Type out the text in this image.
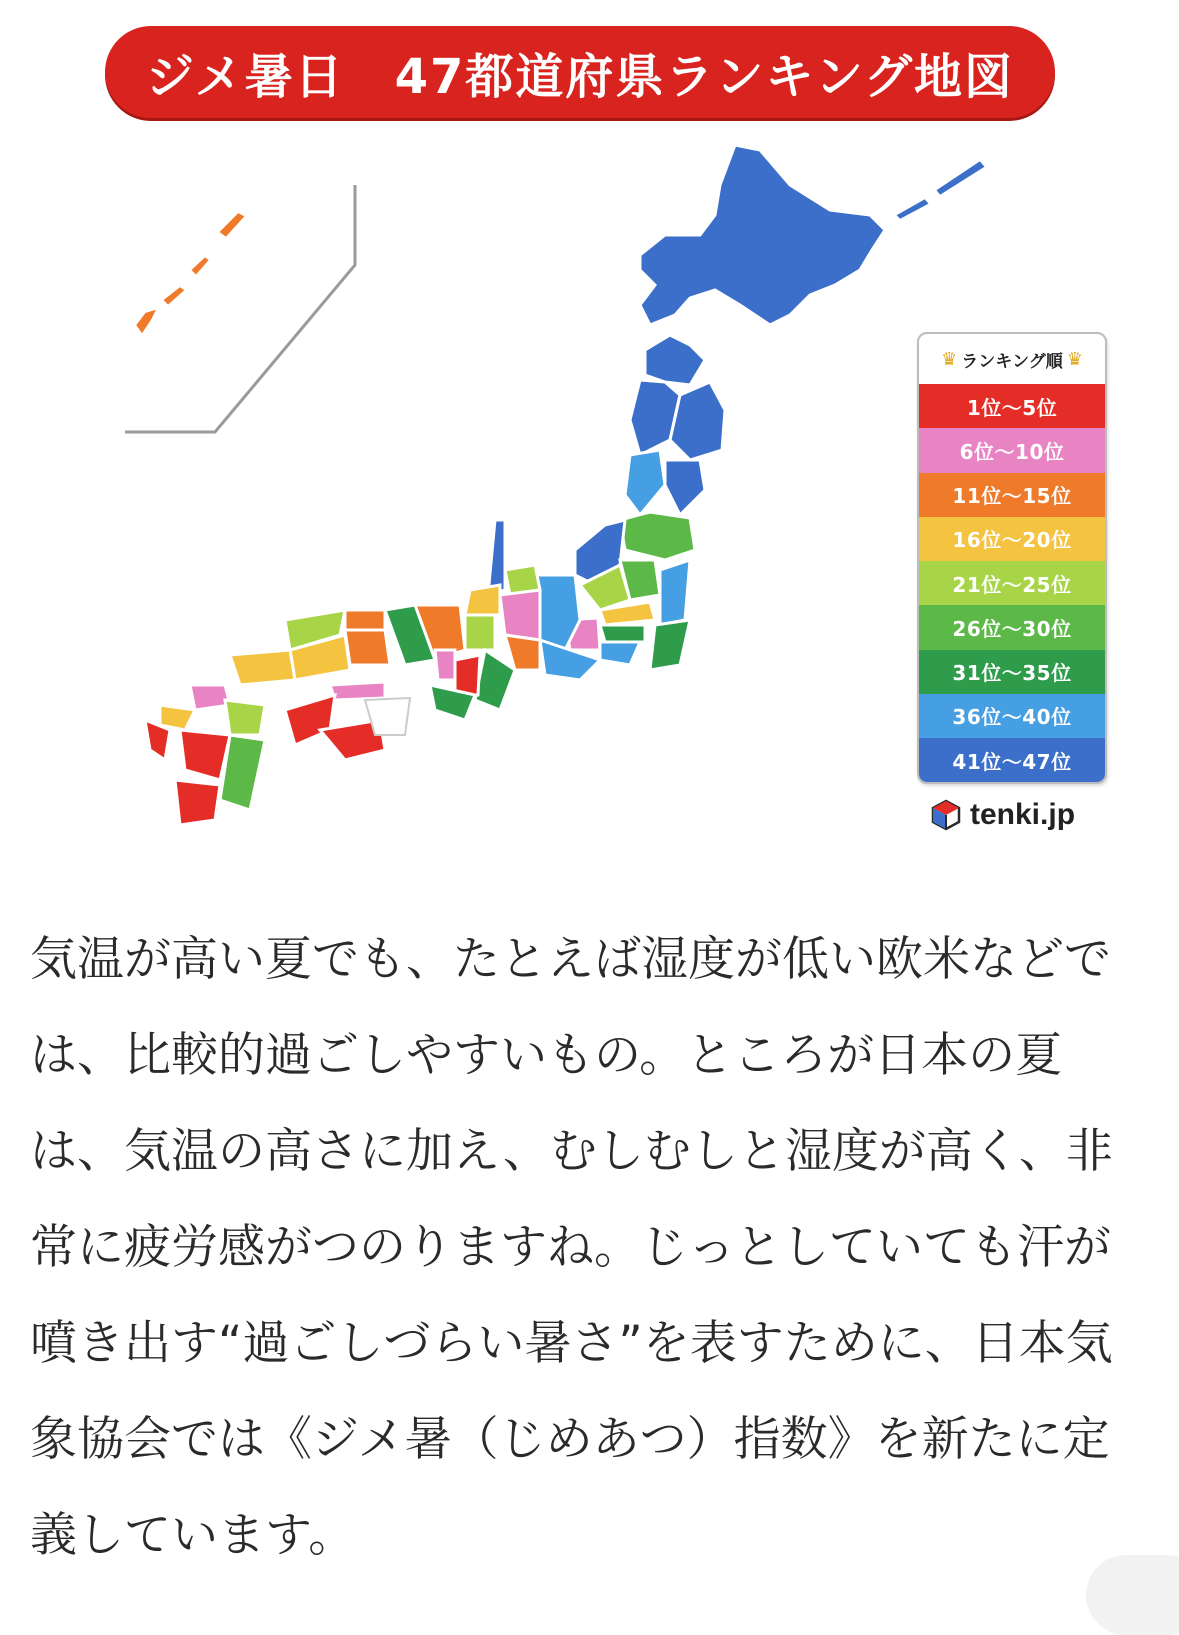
ジメ暑日　47都道府県ランキング地図
♛ ランキング順 ♛
1位〜5位
6位〜10位
11位〜15位
16位〜20位
21位〜25位
26位〜30位
31位〜35位
36位〜40位
41位〜47位
tenki.jp

気温が高い夏でも、たとえば湿度が低い欧米などでは、比較的過ごしやすいもの。ところが日本の夏は、気温の高さに加え、むしむしと湿度が高く、非常に疲労感がつのりますね。じっとしていても汗が噴き出す“過ごしづらい暑さ”を表すために、日本気象協会では《ジメ暑（じめあつ）指数》を新たに定義しています。
